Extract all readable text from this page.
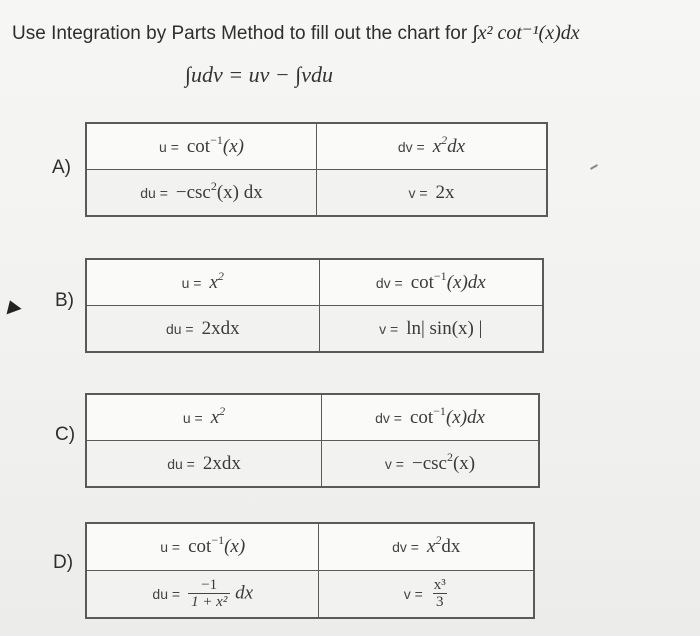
Use Integration by Parts Method to fill out the chart for ∫x² cot⁻¹(x)dx
∫udv = uv − ∫vdu
A)
$u = \cot^{-1}(x)$	dv = $x^2dx$

du = $-\csc^2(x)$ dx	v = 2x
B)
$u = x^2$	dv = $\cot^{-1}(x)dx$

du = 2xdx	v = ln| sin(x) |
C)
$u = x^2$	dv = $\cot^{-1}(x)dx$

du = 2xdx	$v = -\csc^2(x)$
D)
$u = \cot^{-1}(x)$	dv = $x^2dx$

du = $\frac{-1}{\text{1 + x²}}$ dx	$v = \frac{\text{x³}}{3}$
